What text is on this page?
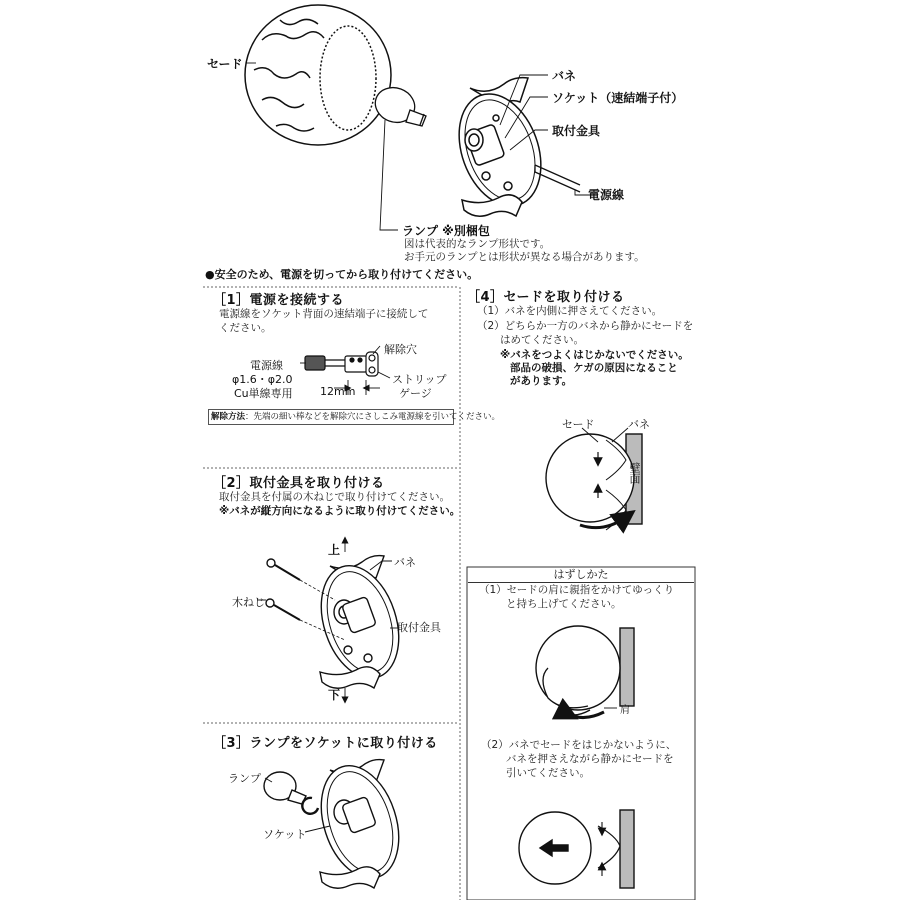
セード
バネ
ソケット（速結端子付）
取付金具
電源線
ランプ ※別梱包
図は代表的なランプ形状です。
お手元のランプとは形状が異なる場合があります。
●安全のため、電源を切ってから取り付けてください。
［1］電源を接続する
電源線をソケット背面の速結端子に接続して
ください。
電源線
φ1.6・φ2.0
Cu単線専用
解除穴
ストリップ
ゲージ
12mm
解除方法：先端の細い棒などを解除穴にさしこみ電源線を引いてください。
［2］取付金具を取り付ける
取付金具を付属の木ねじで取り付けてください。
※バネが縦方向になるように取り付けてください。
上
下
バネ
木ねじ
取付金具
［3］ランプをソケットに取り付ける
ランプ
ソケット
［4］セードを取り付ける
（1）バネを内側に押さえてください。
（2）どちらか一方のバネから静かにセードを
はめてください。
※バネをつよくはじかないでください。
部品の破損、ケガの原因になること
があります。
セード	バネ
壁面
はずしかた
（1）セードの肩に親指をかけてゆっくり
と持ち上げてください。
肩
（2）バネでセードをはじかないように、
バネを押さえながら静かにセードを
引いてください。
